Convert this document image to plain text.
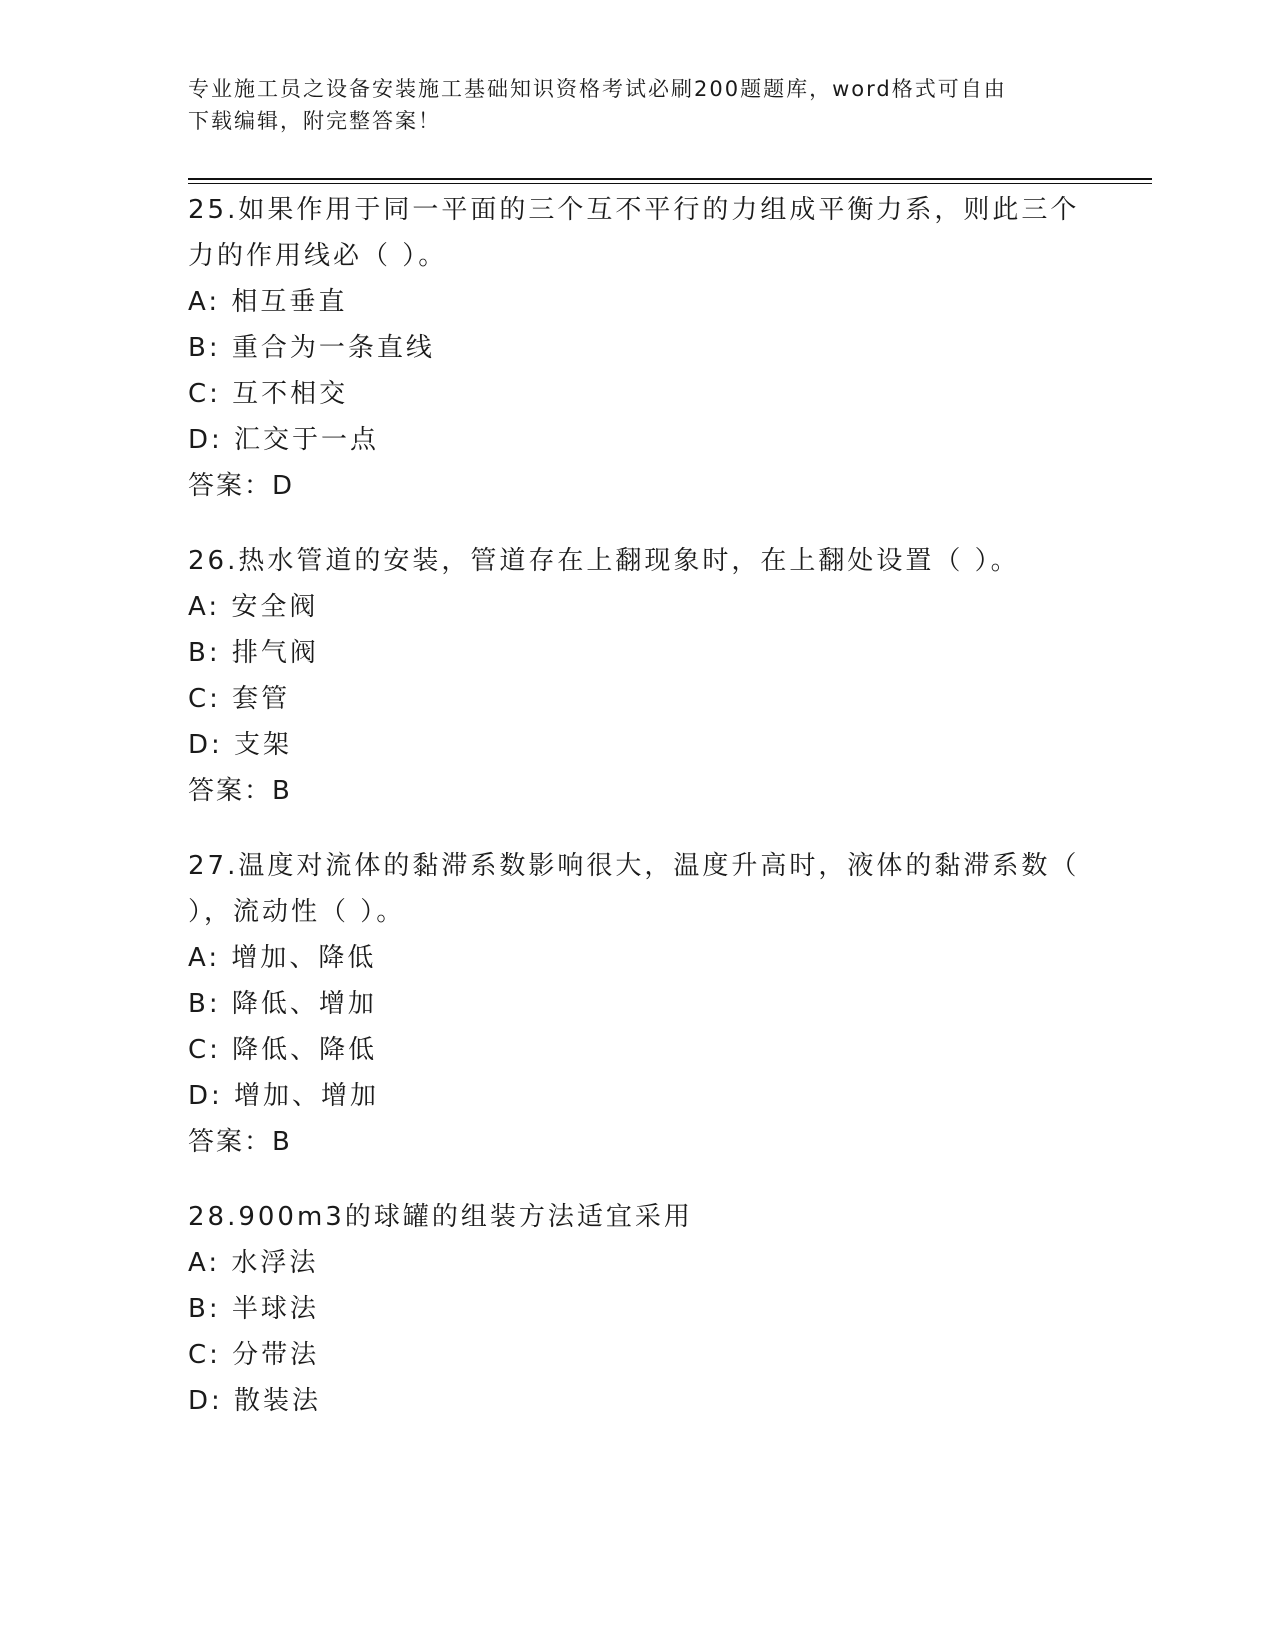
专业施工员之设备安装施工基础知识资格考试必刷200题题库，word格式可自由
下载编辑，附完整答案！
25.如果作用于同一平面的三个互不平行的力组成平衡力系，则此三个
力的作用线必（ ）。
A: 相互垂直
B: 重合为一条直线
C: 互不相交
D: 汇交于一点
答案：D
26.热水管道的安装，管道存在上翻现象时，在上翻处设置（ ）。
A: 安全阀
B: 排气阀
C: 套管
D: 支架
答案：B
27.温度对流体的黏滞系数影响很大，温度升高时，液体的黏滞系数（
），流动性（ ）。
A: 增加、降低
B: 降低、增加
C: 降低、降低
D: 增加、增加
答案：B
28.900m3的球罐的组装方法适宜采用
A: 水浮法
B: 半球法
C: 分带法
D: 散装法
